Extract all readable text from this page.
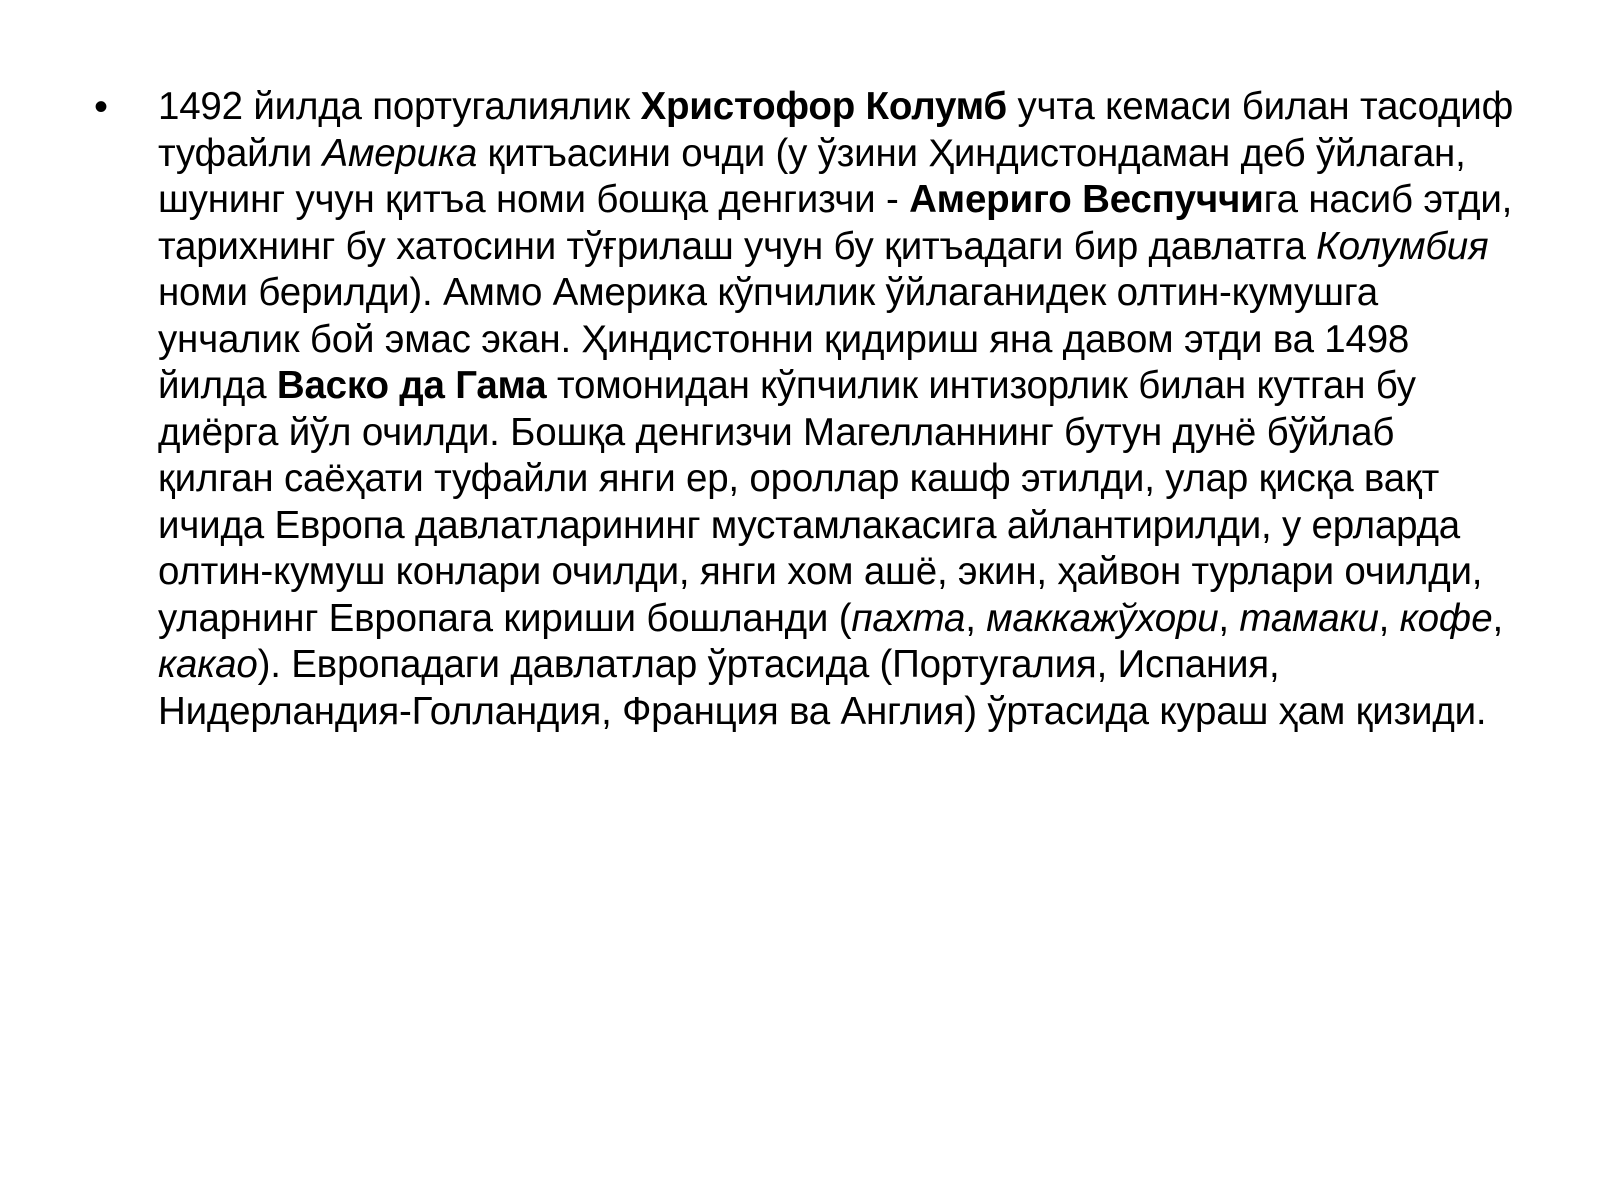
•	1492 йилда португалиялик Христофор Колумб учта кемаси билан тасодиф туфайли Америка қитъасини очди (у ўзини Ҳиндистондаман деб ўйлаган, шунинг учун қитъа номи бошқа денгизчи - Америго Веспуччига насиб этди, тарихнинг бу хатосини тўғрилаш учун бу қитъадаги бир давлатга Колумбия номи берилди). Аммо Америка кўпчилик ўйлаганидек олтин-кумушга унчалик бой эмас экан. Ҳиндистонни қидириш яна давом этди ва 1498 йилда Васко да Гама томонидан кўпчилик интизорлик билан кутган бу диёрга йўл очилди. Бошқа денгизчи Магелланнинг бутун дунё бўйлаб қилган саёҳати туфайли янги ер, ороллар кашф этилди, улар қисқа вақт ичида Европа давлатларининг мустамлакасига айлантирилди, у ерларда олтин-кумуш конлари очилди, янги хом ашё, экин, ҳайвон турлари очилди, уларнинг Европага кириши бошланди (пахта, маккажўхори, тамаки, кофе, какао). Европадаги давлатлар ўртасида (Португалия, Испания, Нидерландия-Голландия, Франция ва Англия) ўртасида кураш ҳам қизиди.
